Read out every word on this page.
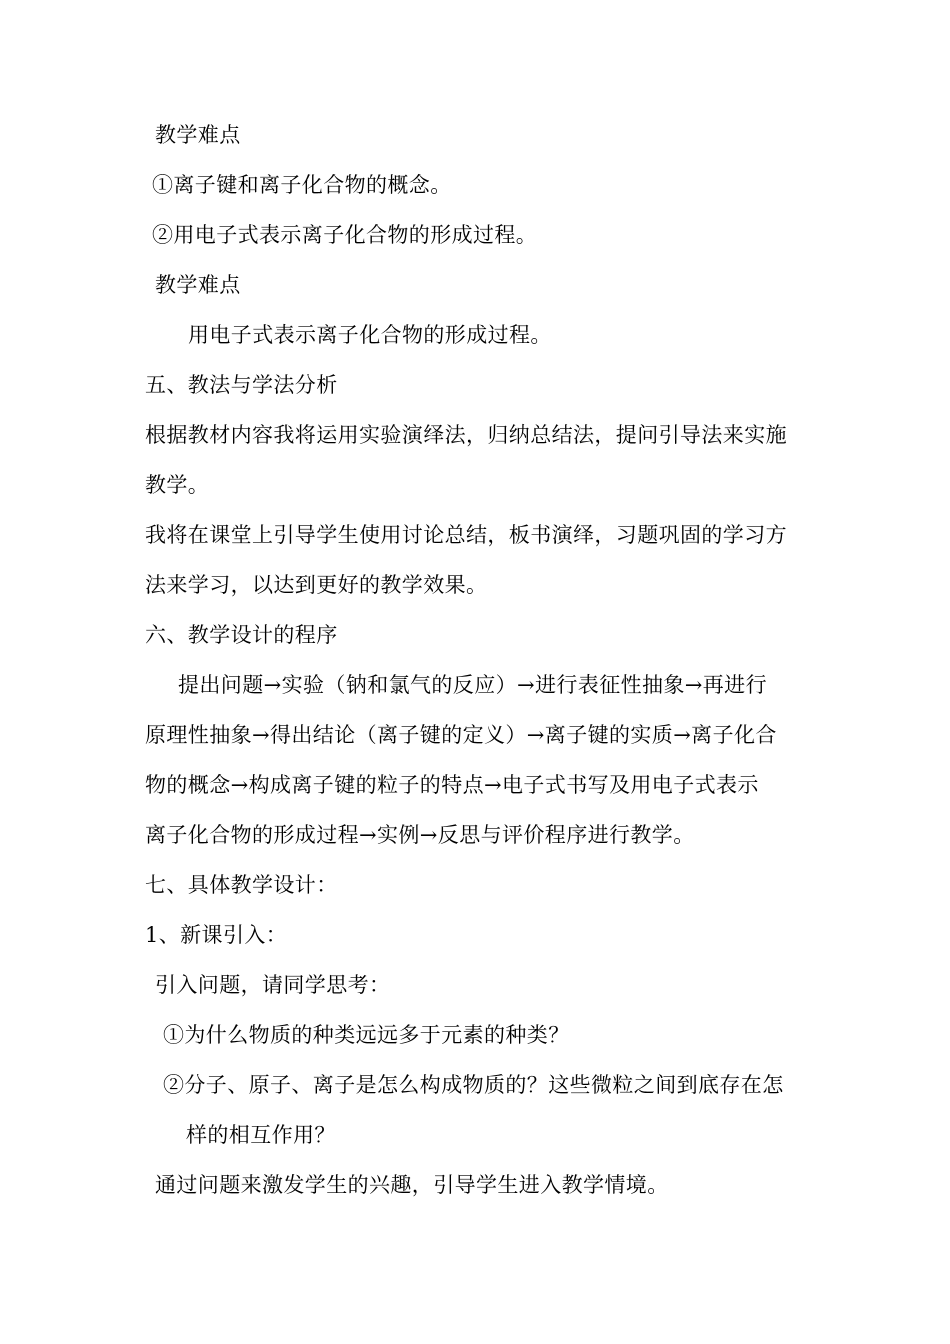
教学难点
①离子键和离子化合物的概念。
②用电子式表示离子化合物的形成过程。
教学难点
用电子式表示离子化合物的形成过程。
五、教法与学法分析
根据教材内容我将运用实验演绎法，归纳总结法，提问引导法来实施
教学。
我将在课堂上引导学生使用讨论总结，板书演绎，习题巩固的学习方
法来学习，以达到更好的教学效果。
六、教学设计的程序
提出问题→实验（钠和氯气的反应）→进行表征性抽象→再进行
原理性抽象→得出结论（离子键的定义）→离子键的实质→离子化合
物的概念→构成离子键的粒子的特点→电子式书写及用电子式表示
离子化合物的形成过程→实例→反思与评价程序进行教学。
七、具体教学设计：
1、新课引入：
引入问题，请同学思考：
①为什么物质的种类远远多于元素的种类？
②分子、原子、离子是怎么构成物质的？这些微粒之间到底存在怎
样的相互作用？
通过问题来激发学生的兴趣，引导学生进入教学情境。
